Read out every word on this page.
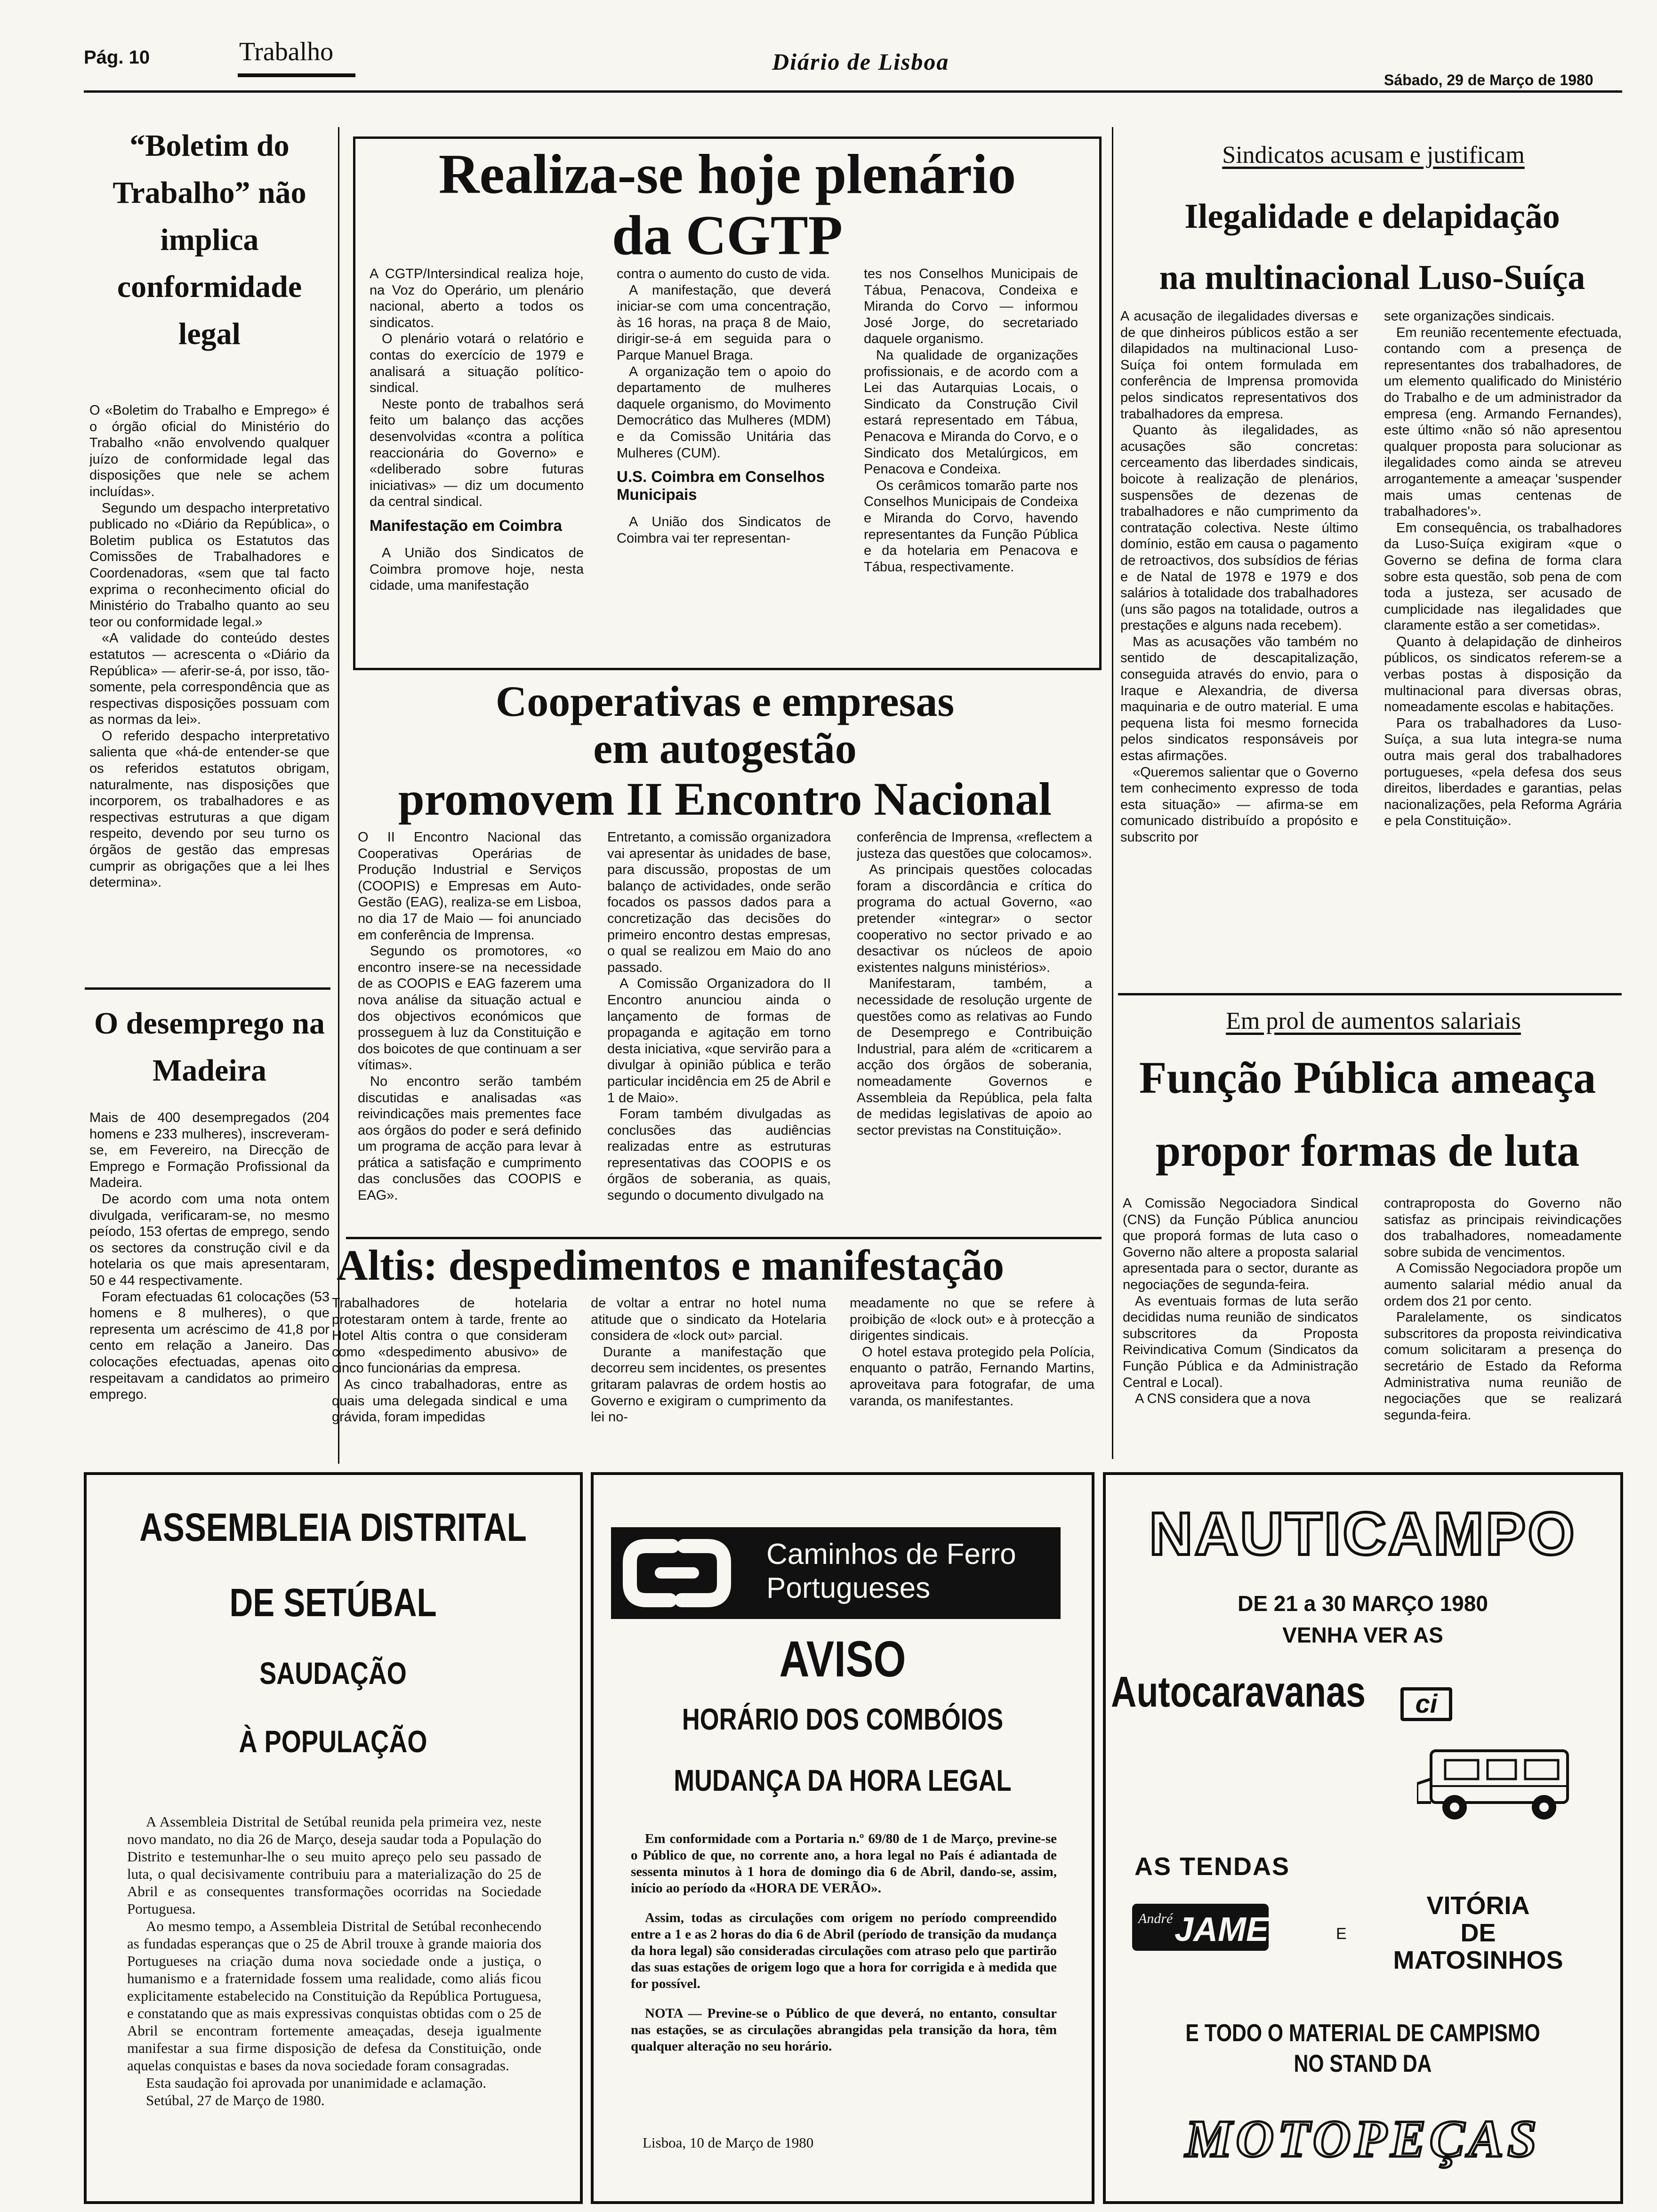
Pág. 10	Trabalho	Diário de Lisboa
Sábado, 29 de Março de 1980
“Boletim do Trabalho” não implica conformidade legal

O «Boletim do Trabalho e Emprego» é o órgão oficial do Ministério do Trabalho «não envolvendo qualquer juízo de conformidade legal das disposições que nele se achem incluídas».

Segundo um despacho interpretativo publicado no «Diário da República», o Boletim publica os Estatutos das Comissões de Trabalhadores e Coordenadoras, «sem que tal facto exprima o reconhecimento oficial do Ministério do Trabalho quanto ao seu teor ou conformidade legal.»

«A validade do conteúdo destes estatutos — acrescenta o «Diário da República» — aferir-se-á, por isso, tão-somente, pela correspondência que as respectivas disposições possuam com as normas da lei».

O referido despacho interpretativo salienta que «há-de entender-se que os referidos estatutos obrigam, naturalmente, nas disposições que incorporem, os trabalhadores e as respectivas estruturas a que digam respeito, devendo por seu turno os órgãos de gestão das empresas cumprir as obrigações que a lei lhes determina».

O desemprego na Madeira

Mais de 400 desempregados (204 homens e 233 mulheres), inscreveram-se, em Fevereiro, na Direcção de Emprego e Formação Profissional da Madeira.

De acordo com uma nota ontem divulgada, verificaram-se, no mesmo peíodo, 153 ofertas de emprego, sendo os sectores da construção civil e da hotelaria os que mais apresentaram, 50 e 44 respectivamente.

Foram efectuadas 61 colocações (53 homens e 8 mulheres), o que representa um acréscimo de 41,8 por cento em relação a Janeiro. Das colocações efectuadas, apenas oito respeitavam a candidatos ao primeiro emprego.

Realiza-se hoje plenário da CGTP

A CGTP/Intersindical realiza hoje, na Voz do Operário, um plenário nacional, aberto a todos os sindicatos.

O plenário votará o relatório e contas do exercício de 1979 e analisará a situação político-sindical.

Neste ponto de trabalhos será feito um balanço das acções desenvolvidas «contra a política reaccionária do Governo» e «deliberado sobre futuras iniciativas» — diz um documento da central sindical.

Manifestação em Coimbra

A União dos Sindicatos de Coimbra promove hoje, nesta cidade, uma manifestação

contra o aumento do custo de vida.

A manifestação, que deverá iniciar-se com uma concentração, às 16 horas, na praça 8 de Maio, dirigir-se-á em seguida para o Parque Manuel Braga.

A organização tem o apoio do departamento de mulheres daquele organismo, do Movimento Democrático das Mulheres (MDM) e da Comissão Unitária das Mulheres (CUM).

U.S. Coimbra em Conselhos Municipais

A União dos Sindicatos de Coimbra vai ter representan-

tes nos Conselhos Municipais de Tábua, Penacova, Condeixa e Miranda do Corvo — informou José Jorge, do secretariado daquele organismo.

Na qualidade de organizações profissionais, e de acordo com a Lei das Autarquias Locais, o Sindicato da Construção Civil estará representado em Tábua, Penacova e Miranda do Corvo, e o Sindicato dos Metalúrgicos, em Penacova e Condeixa.

Os cerâmicos tomarão parte nos Conselhos Municipais de Condeixa e Miranda do Corvo, havendo representantes da Função Pública e da hotelaria em Penacova e Tábua, respectivamente.

Cooperativas e empresas
em autogestão
promovem II Encontro Nacional

O II Encontro Nacional das Cooperativas Operárias de Produção Industrial e Serviços (COOPIS) e Empresas em Auto-Gestão (EAG), realiza-se em Lisboa, no dia 17 de Maio — foi anunciado em conferência de Imprensa.

Segundo os promotores, «o encontro insere-se na necessidade de as COOPIS e EAG fazerem uma nova análise da situação actual e dos objectivos económicos que prosseguem à luz da Constituição e dos boicotes de que continuam a ser vítimas».

No encontro serão também discutidas e analisadas «as reivindicações mais prementes face aos órgãos do poder e será definido um programa de acção para levar à prática a satisfação e cumprimento das conclusões das COOPIS e EAG».

Entretanto, a comissão organizadora vai apresentar às unidades de base, para discussão, propostas de um balanço de actividades, onde serão focados os passos dados para a concretização das decisões do primeiro encontro destas empresas, o qual se realizou em Maio do ano passado.

A Comissão Organizadora do II Encontro anunciou ainda o lançamento de formas de propaganda e agitação em torno desta iniciativa, «que servirão para a divulgar à opinião pública e terão particular incidência em 25 de Abril e 1 de Maio».

Foram também divulgadas as conclusões das audiências realizadas entre as estruturas representativas das COOPIS e os órgãos de soberania, as quais, segundo o documento divulgado na

conferência de Imprensa, «reflectem a justeza das questões que colocamos».

As principais questões colocadas foram a discordância e crítica do programa do actual Governo, «ao pretender «integrar» o sector cooperativo no sector privado e ao desactivar os núcleos de apoio existentes nalguns ministérios».

Manifestaram, também, a necessidade de resolução urgente de questões como as relativas ao Fundo de Desemprego e Contribuição Industrial, para além de «criticarem a acção dos órgãos de soberania, nomeadamente Governos e Assembleia da República, pela falta de medidas legislativas de apoio ao sector previstas na Constituição».

Altis: despedimentos e manifestação

Trabalhadores de hotelaria protestaram ontem à tarde, frente ao Hotel Altis contra o que consideram como «despedimento abusivo» de cinco funcionárias da empresa.

As cinco trabalhadoras, entre as quais uma delegada sindical e uma grávida, foram impedidas

de voltar a entrar no hotel numa atitude que o sindicato da Hotelaria considera de «lock out» parcial.

Durante a manifestação que decorreu sem incidentes, os presentes gritaram palavras de ordem hostis ao Governo e exigiram o cumprimento da lei no-

meadamente no que se refere à proibição de «lock out» e à protecção a dirigentes sindicais.

O hotel estava protegido pela Polícia, enquanto o patrão, Fernando Martins, aproveitava para fotografar, de uma varanda, os manifestantes.

Sindicatos acusam e justificam
Ilegalidade e delapidação
na multinacional Luso-Suíça

A acusação de ilegalidades diversas e de que dinheiros públicos estão a ser dilapidados na multinacional Luso-Suíça foi ontem formulada em conferência de Imprensa promovida pelos sindicatos representativos dos trabalhadores da empresa.

Quanto às ilegalidades, as acusações são concretas: cerceamento das liberdades sindicais, boicote à realização de plenários, suspensões de dezenas de trabalhadores e não cumprimento da contratação colectiva. Neste último domínio, estão em causa o pagamento de retroactivos, dos subsídios de férias e de Natal de 1978 e 1979 e dos salários à totalidade dos trabalhadores (uns são pagos na totalidade, outros a prestações e alguns nada recebem).

Mas as acusações vão também no sentido de descapitalização, conseguida através do envio, para o Iraque e Alexandria, de diversa maquinaria e de outro material. E uma pequena lista foi mesmo fornecida pelos sindicatos responsáveis por estas afirmações.

«Queremos salientar que o Governo tem conhecimento expresso de toda esta situação» — afirma-se em comunicado distribuído a propósito e subscrito por

sete organizações sindicais.

Em reunião recentemente efectuada, contando com a presença de representantes dos trabalhadores, de um elemento qualificado do Ministério do Trabalho e de um administrador da empresa (eng. Armando Fernandes), este último «não só não apresentou qualquer proposta para solucionar as ilegalidades como ainda se atreveu arrogantemente a ameaçar 'suspender mais umas centenas de trabalhadores'».

Em consequência, os trabalhadores da Luso-Suíça exigiram «que o Governo se defina de forma clara sobre esta questão, sob pena de com toda a justeza, ser acusado de cumplicidade nas ilegalidades que claramente estão a ser cometidas».

Quanto à delapidação de dinheiros públicos, os sindicatos referem-se a verbas postas à disposição da multinacional para diversas obras, nomeadamente escolas e habitações.

Para os trabalhadores da Luso-Suíça, a sua luta integra-se numa outra mais geral dos trabalhadores portugueses, «pela defesa dos seus direitos, liberdades e garantias, pelas nacionalizações, pela Reforma Agrária e pela Constituição».

Em prol de aumentos salariais
Função Pública ameaça
propor formas de luta

A Comissão Negociadora Sindical (CNS) da Função Pública anunciou que proporá formas de luta caso o Governo não altere a proposta salarial apresentada para o sector, durante as negociações de segunda-feira.

As eventuais formas de luta serão decididas numa reunião de sindicatos subscritores da Proposta Reivindicativa Comum (Sindicatos da Função Pública e da Administração Central e Local).

A CNS considera que a nova

contraproposta do Governo não satisfaz as principais reivindicações dos trabalhadores, nomeadamente sobre subida de vencimentos.

A Comissão Negociadora propõe um aumento salarial médio anual da ordem dos 21 por cento.

Paralelamente, os sindicatos subscritores da proposta reivindicativa comum solicitaram a presença do secretário de Estado da Reforma Administrativa numa reunião de negociações que se realizará segunda-feira.

ASSEMBLEIA DISTRITAL
DE SETÚBAL
SAUDAÇÃO
À POPULAÇÃO

A Assembleia Distrital de Setúbal reunida pela primeira vez, neste novo mandato, no dia 26 de Março, deseja saudar toda a População do Distrito e testemunhar-lhe o seu muito apreço pelo seu passado de luta, o qual decisivamente contribuiu para a materialização do 25 de Abril e as consequentes transformações ocorridas na Sociedade Portuguesa.

Ao mesmo tempo, a Assembleia Distrital de Setúbal reconhecendo as fundadas esperanças que o 25 de Abril trouxe à grande maioria dos Portugueses na criação duma nova sociedade onde a justiça, o humanismo e a fraternidade fossem uma realidade, como aliás ficou explicitamente estabelecido na Constituição da República Portuguesa, e constatando que as mais expressivas conquistas obtidas com o 25 de Abril se encontram fortemente ameaçadas, deseja igualmente manifestar a sua firme disposição de defesa da Constituição, onde aquelas conquistas e bases da nova sociedade foram consagradas.

Esta saudação foi aprovada por unanimidade e aclamação.

Setúbal, 27 de Março de 1980.

Caminhos de Ferro
Portugueses
AVISO
HORÁRIO DOS COMBÓIOS
MUDANÇA DA HORA LEGAL

Em conformidade com a Portaria n.º 69/80 de 1 de Março, previne-se o Público de que, no corrente ano, a hora legal no País é adiantada de sessenta minutos à 1 hora de domingo dia 6 de Abril, dando-se, assim, início ao período da «HORA DE VERÃO».

Assim, todas as circulações com origem no período compreendido entre a 1 e as 2 horas do dia 6 de Abril (período de transição da mudança da hora legal) são consideradas circulações com atraso pelo que partirão das suas estações de origem logo que a hora for corrigida e à medida que for possível.

NOTA — Previne-se o Público de que deverá, no entanto, consultar nas estações, se as circulações abrangidas pela transição da hora, têm qualquer alteração no seu horário.

Lisboa, 10 de Março de 1980
NAUTICAMPO
DE 21 a 30 MARÇO 1980
VENHA VER AS
Autocaravanas	ci
AS TENDAS
André JAMET	E
VITÓRIA
DE
MATOSINHOS
E TODO O MATERIAL DE CAMPISMO
NO STAND DA
MOTOPEÇAS
